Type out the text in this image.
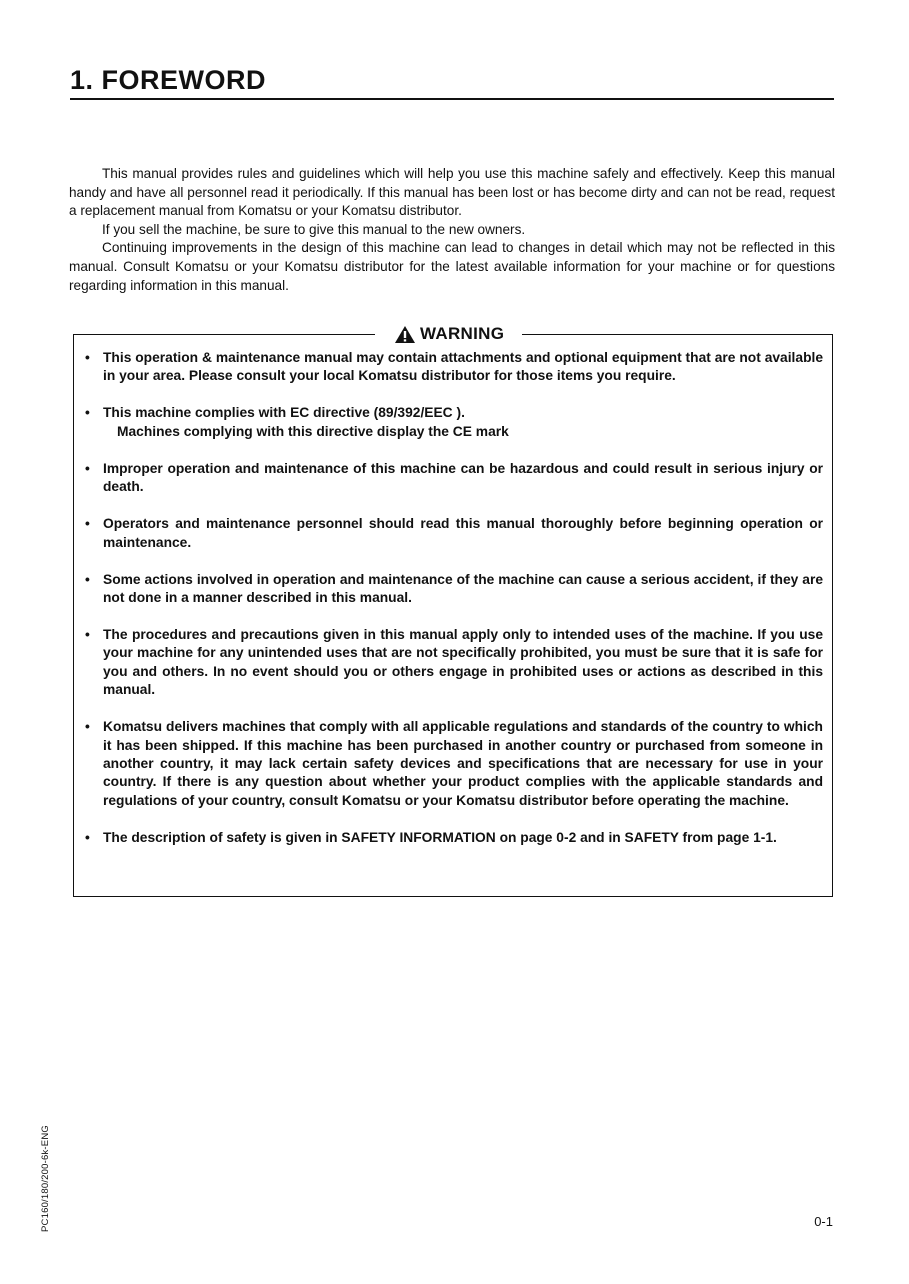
1. FOREWORD

This manual provides rules and guidelines which will help you use this machine safely and effectively. Keep this manual handy and have all personnel read it periodically. If this manual has been lost or has become dirty and can not be read, request a replacement manual from Komatsu or your Komatsu distributor.

If you sell the machine, be sure to give this manual to the new owners.

Continuing improvements in the design of this machine can lead to changes in detail which may not be reflected in this manual. Consult Komatsu or your Komatsu distributor for the latest available information for your machine or for questions regarding information in this manual.

WARNING
• This operation & maintenance manual may contain attachments and optional equipment that are not available in your area. Please consult your local Komatsu distributor for those items you require.
• This machine complies with EC directive (89/392/EEC ).
Machines complying with this directive display the CE mark
• Improper operation and maintenance of this machine can be hazardous and could result in serious injury or death.
• Operators and maintenance personnel should read this manual thoroughly before beginning operation or maintenance.
• Some actions involved in operation and maintenance of the machine can cause a serious accident, if they are not done in a manner described in this manual.
• The procedures and precautions given in this manual apply only to intended uses of the machine. If you use your machine for any unintended uses that are not specifically prohibited, you must be sure that it is safe for you and others. In no event should you or others engage in prohibited uses or actions as described in this manual.
• Komatsu delivers machines that comply with all applicable regulations and standards of the country to which it has been shipped. If this machine has been purchased in another country or purchased from someone in another country, it may lack certain safety devices and specifications that are necessary for use in your country. If there is any question about whether your product complies with the applicable standards and regulations of your country, consult Komatsu or your Komatsu distributor before operating the machine.
• The description of safety is given in SAFETY INFORMATION on page 0-2 and in SAFETY from page 1-1.
PC160/180/200-6k-ENG	0-1
